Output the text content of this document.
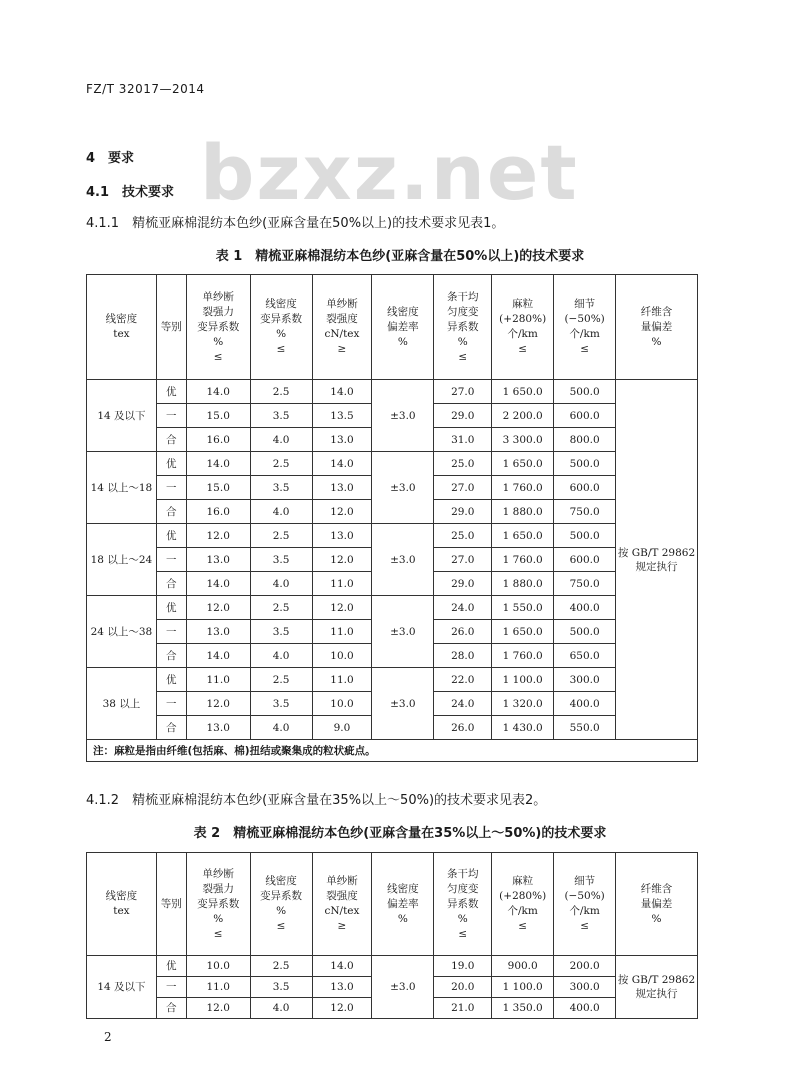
FZ/T 32017—2014
bzxz.net
4　要求
4.1　技术要求
4.1.1　精梳亚麻棉混纺本色纱(亚麻含量在50%以上)的技术要求见表1。
表 1　精梳亚麻棉混纺本色纱(亚麻含量在50%以上)的技术要求
线密度
tex	等别	单纱断
裂强力
变异系数
%
≤	线密度
变异系数
%
≤	单纱断
裂强度
cN/tex
≥	线密度
偏差率
%	条干均
匀度变
异系数
%
≤	麻粒
(+280%)
个/km
≤	细节
(−50%)
个/km
≤	纤维含
量偏差
%

14 及以下	优	14.0	2.5	14.0	±3.0	27.0	1 650.0	500.0	按 GB/T 29862 规定执行
	一	15.0	3.5	13.5		29.0	2 200.0	600.0	
	合	16.0	4.0	13.0		31.0	3 300.0	800.0	
14 以上～18	优	14.0	2.5	14.0	±3.0	25.0	1 650.0	500.0	
	一	15.0	3.5	13.0		27.0	1 760.0	600.0	
	合	16.0	4.0	12.0		29.0	1 880.0	750.0	
18 以上～24	优	12.0	2.5	13.0	±3.0	25.0	1 650.0	500.0	
	一	13.0	3.5	12.0		27.0	1 760.0	600.0	
	合	14.0	4.0	11.0		29.0	1 880.0	750.0	
24 以上～38	优	12.0	2.5	12.0	±3.0	24.0	1 550.0	400.0	
	一	13.0	3.5	11.0		26.0	1 650.0	500.0	
	合	14.0	4.0	10.0		28.0	1 760.0	650.0	
38 以上	优	11.0	2.5	11.0	±3.0	22.0	1 100.0	300.0	
	一	12.0	3.5	10.0		24.0	1 320.0	400.0	
	合	13.0	4.0	9.0		26.0	1 430.0	550.0	
注：麻粒是指由纤维(包括麻、棉)扭结或聚集成的粒状疵点。									
4.1.2　精梳亚麻棉混纺本色纱(亚麻含量在35%以上～50%)的技术要求见表2。
表 2　精梳亚麻棉混纺本色纱(亚麻含量在35%以上～50%)的技术要求
线密度
tex	等别	单纱断
裂强力
变异系数
%
≤	线密度
变异系数
%
≤	单纱断
裂强度
cN/tex
≥	线密度
偏差率
%	条干均
匀度变
异系数
%
≤	麻粒
(+280%)
个/km
≤	细节
(−50%)
个/km
≤	纤维含
量偏差
%

14 及以下	优	10.0	2.5	14.0	±3.0	19.0	900.0	200.0	按 GB/T 29862 规定执行
	一	11.0	3.5	13.0		20.0	1 100.0	300.0	
	合	12.0	4.0	12.0		21.0	1 350.0	400.0	
2
